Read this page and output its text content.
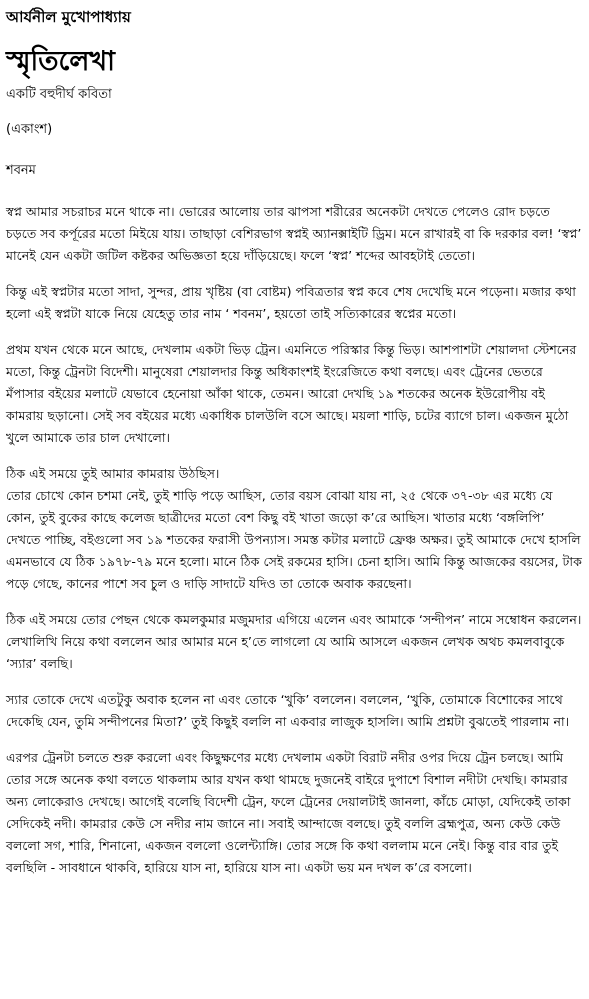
আর্যনীল মুখোপাধ্যায়
স্মৃতিলেখা
একটি বহুদীর্ঘ কবিতা
(একাংশ)
শবনম
স্বপ্ন আমার সচরাচর মনে থাকে না। ভোরের আলোয় তার ঝাপসা শরীরের অনেকটা দেখতে পেলেও রোদ চড়তে চড়তে সব কর্পূরের মতো মিইয়ে যায়। তাছাড়া বেশিরভাগ স্বপ্নই অ্যানক্সাইটি ড্রিম। মনে রাখারই বা কি দরকার বল! ‘স্বপ্ন’ মানেই যেন একটা জটিল কষ্টকর অভিজ্ঞতা হয়ে দাঁড়িয়েছে। ফলে ‘স্বপ্ন’ শব্দের আবহটাই তেতো।
কিন্তু এই স্বপ্নটার মতো সাদা, সুন্দর, প্রায় খৃষ্টিয় (বা বোষ্টম) পবিত্রতার স্বপ্ন কবে শেষ দেখেছি মনে পড়েনা। মজার কথা হলো এই স্বপ্নটা যাকে নিয়ে যেহেতু তার নাম ‘ শবনম’, হয়তো তাই সত্যিকারের স্বপ্নের মতো।
প্রথম যখন থেকে মনে আছে, দেখলাম একটা ভিড় ট্রেন। এমনিতে পরিস্কার কিন্তু ভিড়। আশপাশটা শেয়ালদা স্টেশনের মতো, কিন্তু ট্রেনটা বিদেশী। মানুষেরা শেয়ালদার কিন্তু অধিকাংশই ইংরেজিতে কথা বলছে। এবং ট্রেনের ভেতরে মঁপাসার বইয়ের মলাটে যেভাবে হেনোয়া আঁকা থাকে, তেমন। আরো দেখছি ১৯ শতকের অনেক ইউরোপীয় বই কামরায় ছড়ানো। সেই সব বইয়ের মধ্যে একাধিক চালউলি বসে আছে। ময়লা শাড়ি, চটের ব্যাগে চাল। একজন মুঠো খুলে আমাকে তার চাল দেখালো।
ঠিক এই সময়ে তুই আমার কামরায় উঠছিস।
তোর চোখে কোন চশমা নেই, তুই শাড়ি পড়ে আছিস, তোর বয়স বোঝা যায় না, ২৫ থেকে ৩৭-৩৮ এর মধ্যে যে কোন, তুই বুকের কাছে কলেজ ছাত্রীদের মতো বেশ কিছু বই খাতা জড়ো ক’রে আছিস। খাতার মধ্যে ‘বঙ্গলিপি’ দেখতে পাচ্ছি, বইগুলো সব ১৯ শতকের ফরাসী উপন্যাস। সমস্ত কটার মলাটে ফ্রেঞ্চ অক্ষর। তুই আমাকে দেখে হাসলি এমনভাবে যে ঠিক ১৯৭৮-৭৯ মনে হলো। মানে ঠিক সেই রকমের হাসি। চেনা হাসি। আমি কিন্তু আজকের বয়সের, টাক পড়ে গেছে, কানের পাশে সব চুল ও দাড়ি সাদাটে যদিও তা তোকে অবাক করছেনা।
ঠিক এই সময়ে তোর পেছন থেকে কমলকুমার মজুমদার এগিয়ে এলেন এবং আমাকে ‘সন্দীপন’ নামে সম্বোধন করলেন। লেখালিখি নিয়ে কথা বললেন আর আমার মনে হ’তে লাগলো যে আমি আসলে একজন লেখক অথচ কমলবাবুকে ‘স্যার’ বলছি।
স্যার তোকে দেখে এতটুকু অবাক হলেন না এবং তোকে ‘খুকি’ বললেন। বললেন, ‘খুকি, তোমাকে বিশোকের সাথে দেকেছি যেন, তুমি সন্দীপনের মিতা?’ তুই কিছুই বললি না একবার লাজুক হাসলি। আমি প্রশ্নটা বুঝতেই পারলাম না।
এরপর ট্রেনটা চলতে শুরু করলো এবং কিছুক্ষণের মধ্যে দেখলাম একটা বিরাট নদীর ওপর দিয়ে ট্রেন চলছে। আমি তোর সঙ্গে অনেক কথা বলতে থাকলাম আর যখন কথা থামছে দুজনেই বাইরে দুপাশে বিশাল নদীটা দেখছি। কামরার অন্য লোকেরাও দেখছে। আগেই বলেছি বিদেশী ট্রেন, ফলে ট্রেনের দেয়ালটাই জানলা, কাঁচে মোড়া, যেদিকেই তাকা সেদিকেই নদী। কামরার কেউ সে নদীর নাম জানে না। সবাই আন্দাজে বলছে। তুই বললি ব্রহ্মপুত্র, অন্য কেউ কেউ বললো সগ, শারি, শিনানো, একজন বললো ওলেন্ট্যাঙ্গি। তোর সঙ্গে কি কথা বললাম মনে নেই। কিন্তু বার বার তুই বলছিলি - সাবধানে থাকবি, হারিয়ে যাস না, হারিয়ে যাস না। একটা ভয় মন দখল ক’রে বসলো।
